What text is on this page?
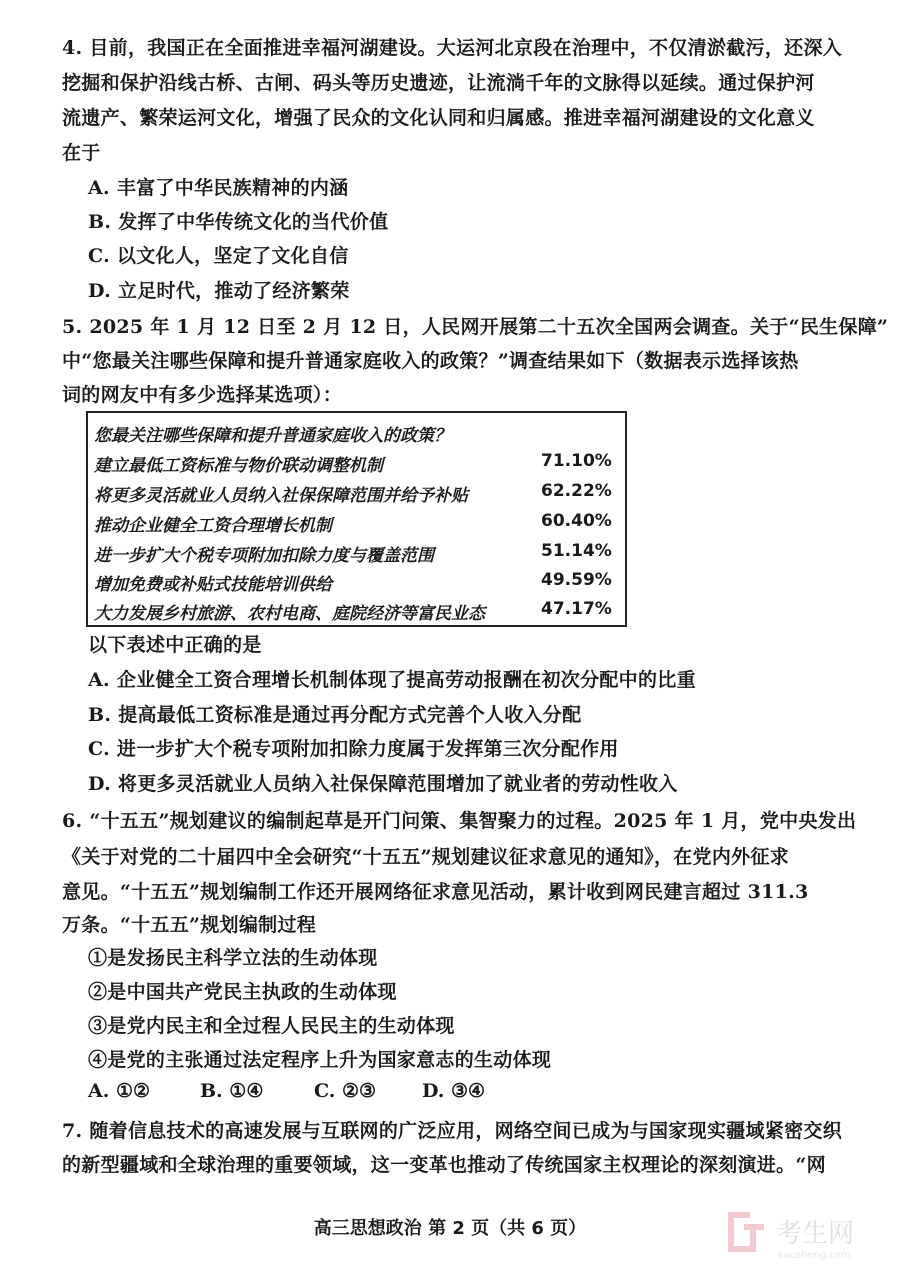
4. 目前，我国正在全面推进幸福河湖建设。大运河北京段在治理中，不仅清淤截污，还深入
挖掘和保护沿线古桥、古闸、码头等历史遗迹，让流淌千年的文脉得以延续。通过保护河
流遗产、繁荣运河文化，增强了民众的文化认同和归属感。推进幸福河湖建设的文化意义
在于
A. 丰富了中华民族精神的内涵
B. 发挥了中华传统文化的当代价值
C. 以文化人，坚定了文化自信
D. 立足时代，推动了经济繁荣
5. 2025 年 1 月 12 日至 2 月 12 日，人民网开展第二十五次全国两会调查。关于“民生保障”
中“您最关注哪些保障和提升普通家庭收入的政策？”调查结果如下（数据表示选择该热
词的网友中有多少选择某选项）：
您最关注哪些保障和提升普通家庭收入的政策？
建立最低工资标准与物价联动调整机制	71.10%
将更多灵活就业人员纳入社保保障范围并给予补贴	62.22%
推动企业健全工资合理增长机制	60.40%
进一步扩大个税专项附加扣除力度与覆盖范围	51.14%
增加免费或补贴式技能培训供给	49.59%
大力发展乡村旅游、农村电商、庭院经济等富民业态	47.17%
以下表述中正确的是
A. 企业健全工资合理增长机制体现了提高劳动报酬在初次分配中的比重
B. 提高最低工资标准是通过再分配方式完善个人收入分配
C. 进一步扩大个税专项附加扣除力度属于发挥第三次分配作用
D. 将更多灵活就业人员纳入社保保障范围增加了就业者的劳动性收入
6. “十五五”规划建议的编制起草是开门问策、集智聚力的过程。2025 年 1 月，党中央发出
《关于对党的二十届四中全会研究“十五五”规划建议征求意见的通知》，在党内外征求
意见。“十五五”规划编制工作还开展网络征求意见活动，累计收到网民建言超过 311.3
万条。“十五五”规划编制过程
①是发扬民主科学立法的生动体现
②是中国共产党民主执政的生动体现
③是党内民主和全过程人民民主的生动体现
④是党的主张通过法定程序上升为国家意志的生动体现
A. ①②	B. ①④	C. ②③ D. ③④
7. 随着信息技术的高速发展与互联网的广泛应用，网络空间已成为与国家现实疆域紧密交织
的新型疆域和全球治理的重要领域，这一变革也推动了传统国家主权理论的深刻演进。“网
高三思想政治 第 2 页（共 6 页）	考生网
kaosheng.com
